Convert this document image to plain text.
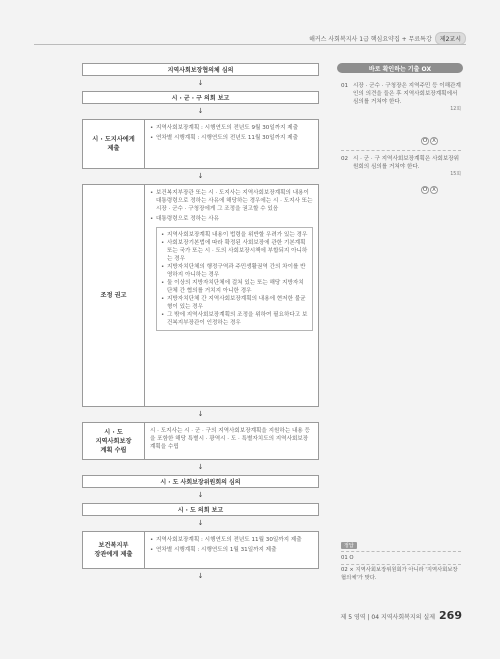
해커스 사회복지사 1급 핵심요약집 + 무료특강	제2교시
지역사회보장협의체 심의
↓
시 · 군 · 구 의회 보고
↓
시 · 도지사에게
제출
• 지역사회보장계획 : 시행연도의 전년도 9월 30일까지 제출
• 연차별 시행계획 : 시행연도의 전년도 11월 30일까지 제출
↓
조정 권고
• 보건복지부장관 또는 시 · 도지사는 지역사회보장계획의 내용이 대통령령으로 정하는 사유에 해당하는 경우에는 시 · 도지사 또는 시장 · 군수 · 구청장에게 그 조정을 권고할 수 있음
• 대통령령으로 정하는 사유
• 지역사회보장계획 내용이 법령을 위반할 우려가 있는 경우
• 사회보장기본법에 따라 확정된 사회보장에 관한 기본계획 또는 국가 또는 시 · 도의 사회보장시책에 부합되지 아니하는 경우
• 지방자치단체의 행정구역과 주민생활권역 간의 차이를 반영하지 아니하는 경우
• 둘 이상의 지방자치단체에 걸쳐 있는 또는 해당 지방자치단체 간 협의를 거치지 아니한 경우
• 지방자치단체 간 지역사회보장계획의 내용에 현저한 불균형이 있는 경우
• 그 밖에 지역사회보장계획의 조정을 위하여 필요하다고 보건복지부장관이 인정하는 경우
↓
시 · 도
지역사회보장
계획 수립
시 · 도지사는 시 · 군 · 구의 지역사회보장계획을 지원하는 내용 등을 포함한 해당 특별시 · 광역시 · 도 · 특별자치도의 지역사회보장계획을 수립
↓
시 · 도 사회보장위원회의 심의
↓
시 · 도 의회 보고
↓
보건복지부
장관에게 제출
• 지역사회보장계획 : 시행연도의 전년도 11월 30일까지 제출
• 연차별 시행계획 : 시행연도의 1월 31일까지 제출
↓
바로 확인하는 기출 OX
01 시장 · 군수 · 구청장은 지역주민 등 이해관계인의 의견을 들은 후 지역사회보장계획에서 심의를 거쳐야 한다.
12회
O X
02 시 · 군 · 구 지역사회보장계획은 사회보장위원회의 심의를 거쳐야 한다.
15회
O X
정답
01 O
02 × 지역사회보장위원회가 아니라 '지역사회보장협의체'가 맞다.
제 5 영역 | 04 지역사회복지의 실제 269
